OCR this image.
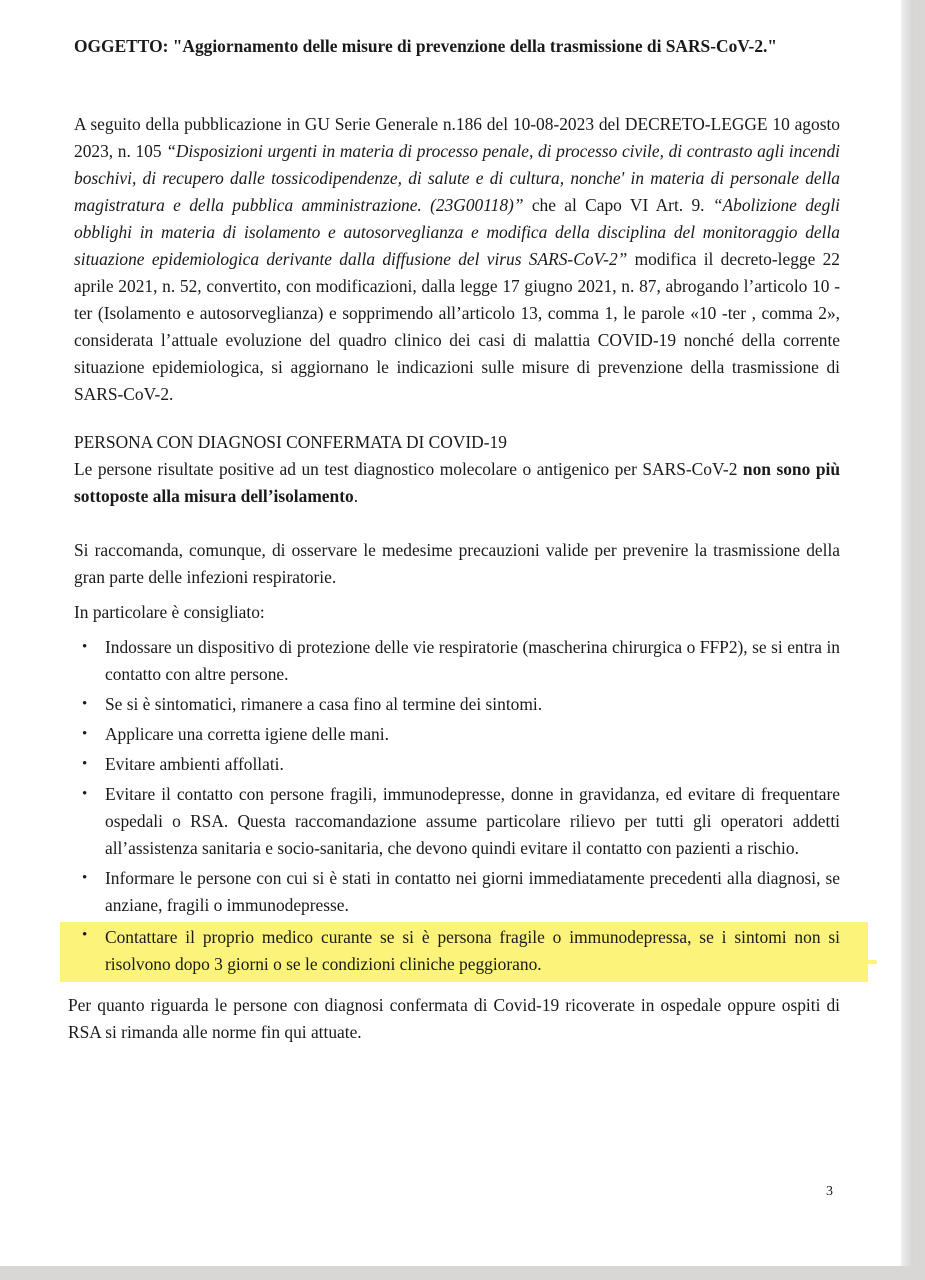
OGGETTO: "Aggiornamento delle misure di prevenzione della trasmissione di SARS-CoV-2."

A seguito della pubblicazione in GU Serie Generale n.186 del 10-08-2023 del DECRETO-LEGGE 10 agosto 2023, n. 105 “Disposizioni urgenti in materia di processo penale, di processo civile, di contrasto agli incendi boschivi, di recupero dalle tossicodipendenze, di salute e di cultura, nonche' in materia di personale della magistratura e della pubblica amministrazione. (23G00118)” che al Capo VI Art. 9. “Abolizione degli obblighi in materia di isolamento e autosorveglianza e modifica della disciplina del monitoraggio della situazione epidemiologica derivante dalla diffusione del virus SARS-CoV-2” modifica il decreto-legge 22 aprile 2021, n. 52, convertito, con modificazioni, dalla legge 17 giugno 2021, n. 87, abrogando l’articolo 10 -ter (Isolamento e autosorveglianza) e sopprimendo all’articolo 13, comma 1, le parole «10 -ter , comma 2», considerata l’attuale evoluzione del quadro clinico dei casi di malattia COVID-19 nonché della corrente situazione epidemiologica, si aggiornano le indicazioni sulle misure di prevenzione della trasmissione di SARS-CoV-2.

PERSONA CON DIAGNOSI CONFERMATA DI COVID-19

Le persone risultate positive ad un test diagnostico molecolare o antigenico per SARS-CoV-2 non sono più sottoposte alla misura dell’isolamento.

Si raccomanda, comunque, di osservare le medesime precauzioni valide per prevenire la trasmissione della gran parte delle infezioni respiratorie.

In particolare è consigliato:

• Indossare un dispositivo di protezione delle vie respiratorie (mascherina chirurgica o FFP2), se si entra in contatto con altre persone.
• Se si è sintomatici, rimanere a casa fino al termine dei sintomi.
• Applicare una corretta igiene delle mani.
• Evitare ambienti affollati.
• Evitare il contatto con persone fragili, immunodepresse, donne in gravidanza, ed evitare di frequentare ospedali o RSA. Questa raccomandazione assume particolare rilievo per tutti gli operatori addetti all’assistenza sanitaria e socio-sanitaria, che devono quindi evitare il contatto con pazienti a rischio.
• Informare le persone con cui si è stati in contatto nei giorni immediatamente precedenti alla diagnosi, se anziane, fragili o immunodepresse.
• Contattare il proprio medico curante se si è persona fragile o immunodepressa, se i sintomi non si risolvono dopo 3 giorni o se le condizioni cliniche peggiorano.

Per quanto riguarda le persone con diagnosi confermata di Covid-19 ricoverate in ospedale oppure ospiti di RSA si rimanda alle norme fin qui attuate.

3
